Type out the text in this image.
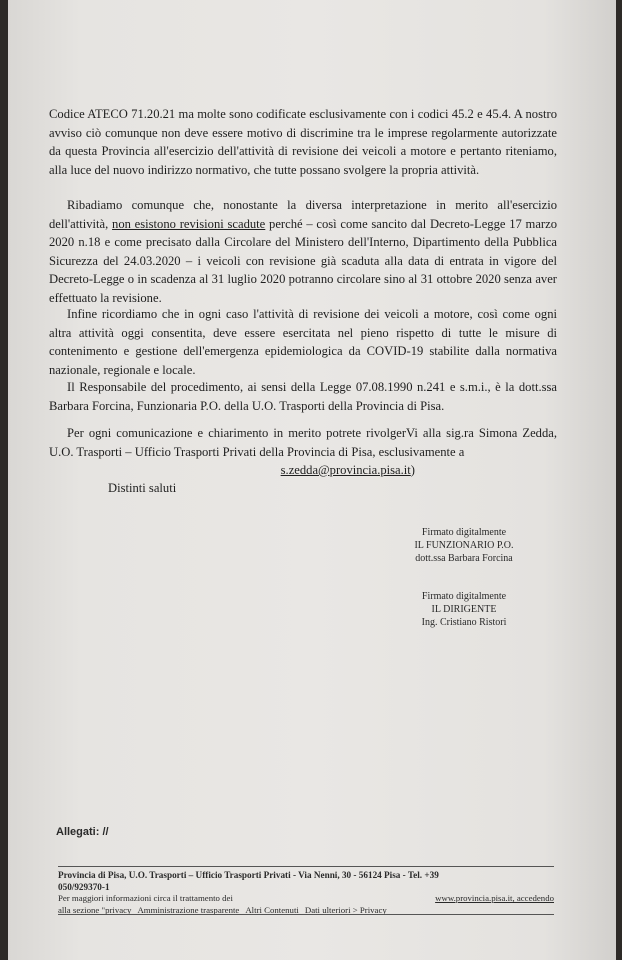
Codice ATECO 71.20.21 ma molte sono codificate esclusivamente con i codici 45.2 e 45.4. A nostro avviso ciò comunque non deve essere motivo di discrimine tra le imprese regolarmente autorizzate da questa Provincia all'esercizio dell'attività di revisione dei veicoli a motore e pertanto riteniamo, alla luce del nuovo indirizzo normativo, che tutte possano svolgere la propria attività.
Ribadiamo comunque che, nonostante la diversa interpretazione in merito all'esercizio dell'attività, non esistono revisioni scadute perché – così come sancito dal Decreto-Legge 17 marzo 2020 n.18 e come precisato dalla Circolare del Ministero dell'Interno, Dipartimento della Pubblica Sicurezza del 24.03.2020 – i veicoli con revisione già scaduta alla data di entrata in vigore del Decreto-Legge o in scadenza al 31 luglio 2020 potranno circolare sino al 31 ottobre 2020 senza aver effettuato la revisione.
Infine ricordiamo che in ogni caso l'attività di revisione dei veicoli a motore, così come ogni altra attività oggi consentita, deve essere esercitata nel pieno rispetto di tutte le misure di contenimento e gestione dell'emergenza epidemiologica da COVID-19 stabilite dalla normativa nazionale, regionale e locale.
Il Responsabile del procedimento, ai sensi della Legge 07.08.1990 n.241 e s.m.i., è la dott.ssa Barbara Forcina, Funzionaria P.O. della U.O. Trasporti della Provincia di Pisa.
Per ogni comunicazione e chiarimento in merito potrete rivolgerVi alla sig.ra Simona Zedda, U.O. Trasporti – Ufficio Trasporti Privati della Provincia di Pisa, esclusivamente a
s.zedda@provincia.pisa.it)
Distinti saluti
Firmato digitalmente
IL FUNZIONARIO P.O.
dott.ssa Barbara Forcina
Firmato digitalmente
IL DIRIGENTE
Ing. Cristiano Ristori
Allegati: //
Provincia di Pisa, U.O. Trasporti – Ufficio Trasporti Privati - Via Nenni, 30 - 56124 Pisa - Tel. +39
050/929370-1
Per maggiori informazioni circa il trattamento dei	www.provincia.pisa.it, accedendo
alla sezione "privacy Amministrazione trasparente Altri Contenuti Dati ulteriori > Privacy
